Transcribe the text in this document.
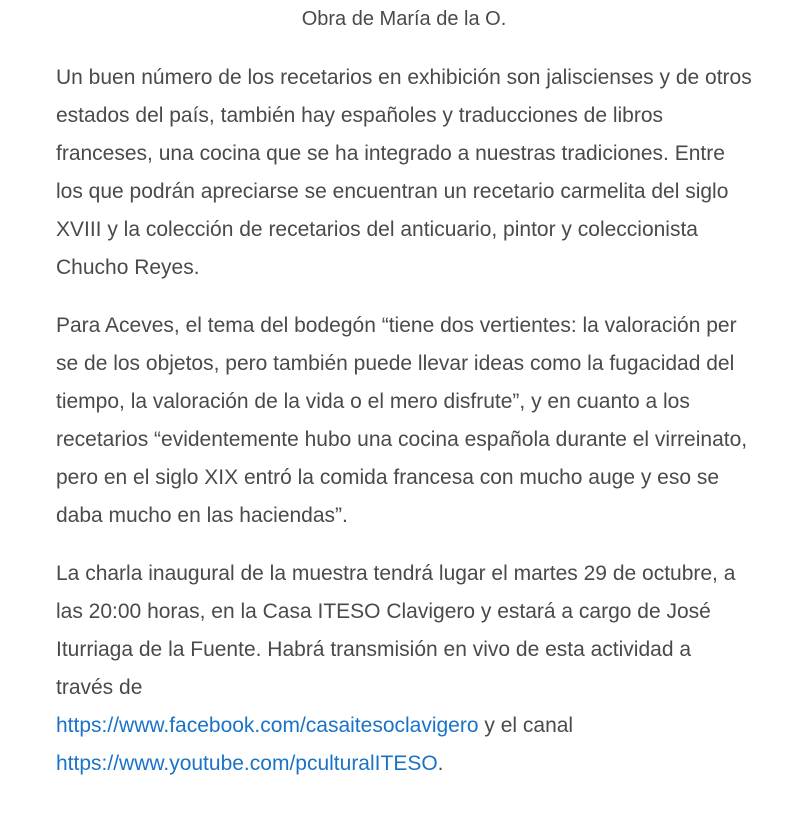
Obra de María de la O.

Un buen número de los recetarios en exhibición son jaliscienses y de otros estados del país, también hay españoles y traducciones de libros franceses, una cocina que se ha integrado a nuestras tradiciones. Entre los que podrán apreciarse se encuentran un recetario carmelita del siglo XVIII y la colección de recetarios del anticuario, pintor y coleccionista Chucho Reyes.

Para Aceves, el tema del bodegón “tiene dos vertientes: la valoración per se de los objetos, pero también puede llevar ideas como la fugacidad del tiempo, la valoración de la vida o el mero disfrute”, y en cuanto a los recetarios “evidentemente hubo una cocina española durante el virreinato, pero en el siglo XIX entró la comida francesa con mucho auge y eso se daba mucho en las haciendas”.

La charla inaugural de la muestra tendrá lugar el martes 29 de octubre, a las 20:00 horas, en la Casa ITESO Clavigero y estará a cargo de José Iturriaga de la Fuente. Habrá transmisión en vivo de esta actividad a través de
https://www.facebook.com/casaitesoclavigero y el canal
https://www.youtube.com/pculturalITESO.
